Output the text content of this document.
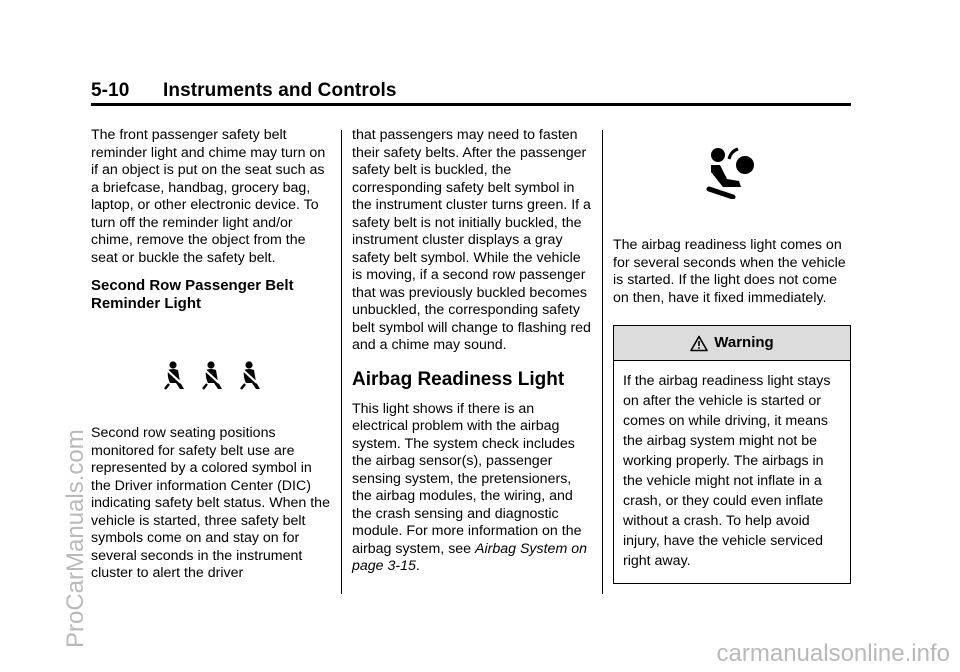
5-10 Instruments and Controls

The front passenger safety belt reminder light and chime may turn on if an object is put on the seat such as a briefcase, handbag, grocery bag, laptop, or other electronic device. To turn off the reminder light and/or chime, remove the object from the seat or buckle the safety belt.

Second Row Passenger Belt Reminder Light

Second row seating positions monitored for safety belt use are represented by a colored symbol in the Driver information Center (DIC) indicating safety belt status. When the vehicle is started, three safety belt symbols come on and stay on for several seconds in the instrument cluster to alert the driver

that passengers may need to fasten their safety belts. After the passenger safety belt is buckled, the corresponding safety belt symbol in the instrument cluster turns green. If a safety belt is not initially buckled, the instrument cluster displays a gray safety belt symbol. While the vehicle is moving, if a second row passenger that was previously buckled becomes unbuckled, the corresponding safety belt symbol will change to flashing red and a chime may sound.

Airbag Readiness Light

This light shows if there is an electrical problem with the airbag system. The system check includes the airbag sensor(s), passenger sensing system, the pretensioners, the airbag modules, the wiring, and the crash sensing and diagnostic module. For more information on the airbag system, see Airbag System on page 3-15.

The airbag readiness light comes on for several seconds when the vehicle is started. If the light does not come on then, have it fixed immediately.

Warning
If the airbag readiness light stays on after the vehicle is started or comes on while driving, it means the airbag system might not be working properly. The airbags in the vehicle might not inflate in a crash, or they could even inflate without a crash. To help avoid injury, have the vehicle serviced right away.
ProCarManuals.com
carmanualsonline.info
